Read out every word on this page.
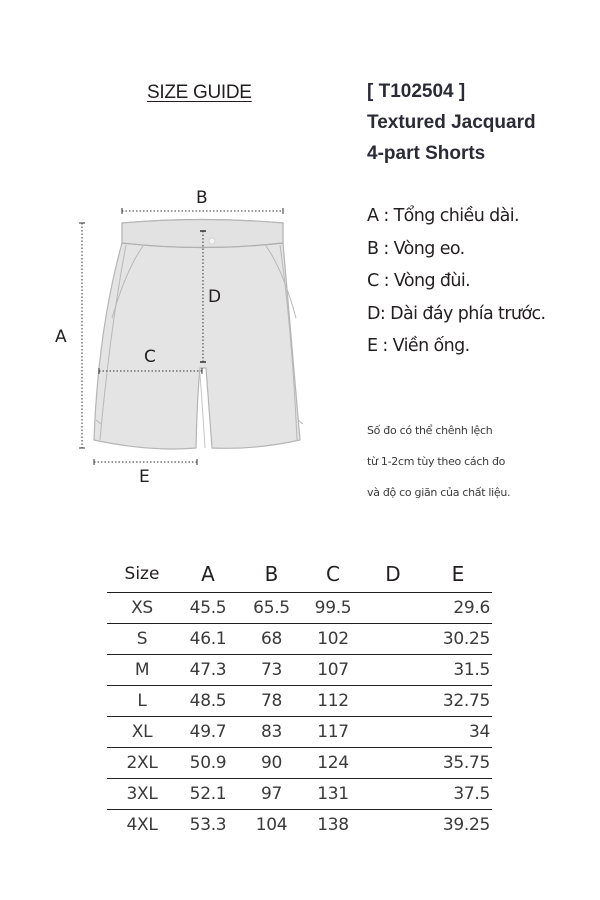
SIZE GUIDE	[ T102504 ]
Textured Jacquard
4-part Shorts
A
B
C
D
E
A : Tổng chiều dài.
B : Vòng eo.
C : Vòng đùi.
D: Dài đáy phía trước.
E : Viền ống.
Số đo có thể chênh lệch
từ 1-2cm tùy theo cách đo
và độ co giãn của chất liệu.
Size	A	B	C	D	E
XS	45.5	65.5	99.5		29.6
S	46.1	68	102		30.25
M	47.3	73	107		31.5
L	48.5	78	112		32.75
XL	49.7	83	117		34
2XL	50.9	90	124		35.75
3XL	52.1	97	131		37.5
4XL	53.3	104	138		39.25
